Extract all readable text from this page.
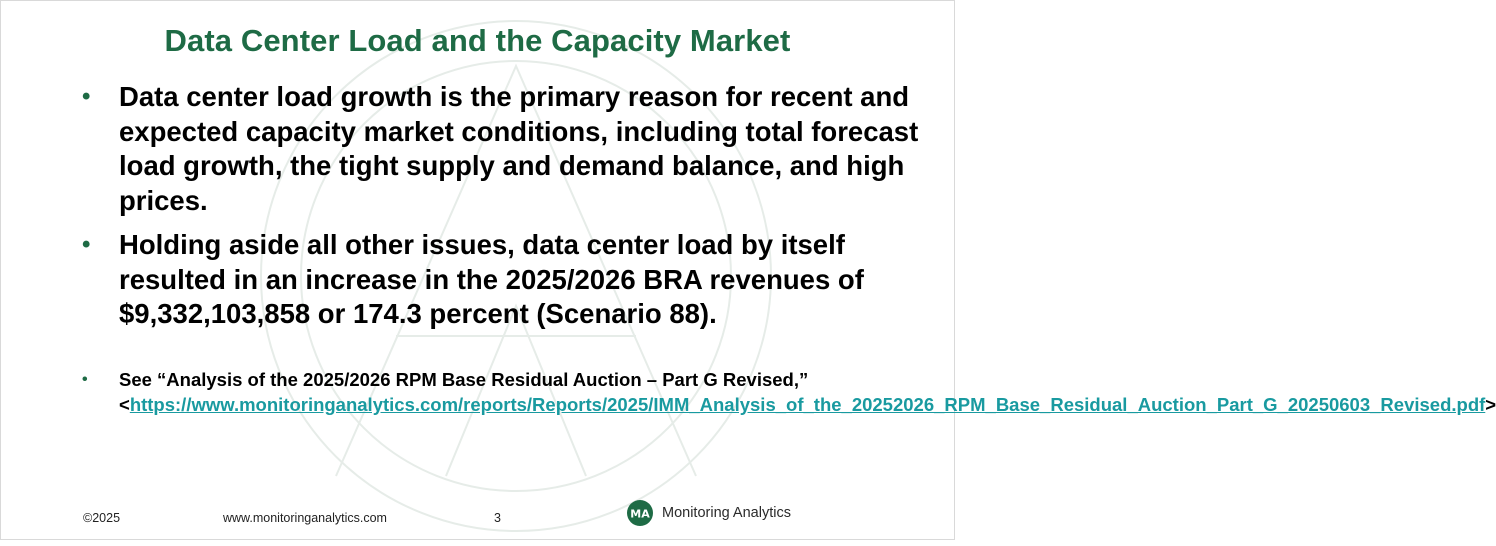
Data Center Load and the Capacity Market
• Data center load growth is the primary reason for recent and expected capacity market conditions, including total forecast load growth, the tight supply and demand balance, and high prices.
• Holding aside all other issues, data center load by itself resulted in an increase in the 2025/2026 BRA revenues of $9,332,103,858 or 174.3 percent (Scenario 88).
• See “Analysis of the 2025/2026 RPM Base Residual Auction – Part G Revised,” <https://www.monitoringanalytics.com/reports/Reports/2025/IMM_Analysis_of_the_20252026_RPM_Base_Residual_Auction_Part_G_20250603_Revised.pdf>
©2025	www.monitoringanalytics.com	3	MA Monitoring Analytics
